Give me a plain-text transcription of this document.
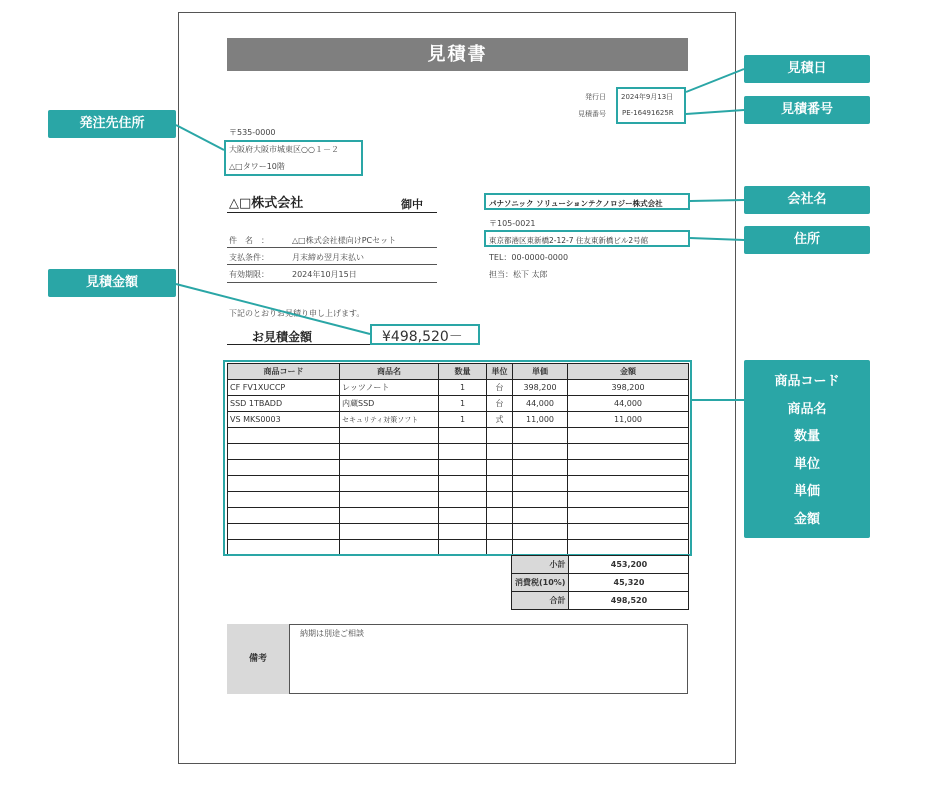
見積書
発行日 2024年9月13日
見積番号 PE-16491625R
〒535-0000
大阪府大阪市城東区○○１－２
△□タワー10階
△□株式会社	御中
件　名　：	△□株式会社様向けPCセット
支払条件：	月末締め翌月末払い
有効期限：	2024年10月15日
パナソニック ソリューションテクノロジー株式会社
〒105-0021
東京都港区東新橋2-12-7 住友東新橋ビル2号館
TEL：00-0000-0000
担当：松下 太郎
下記のとおりお見積り申し上げます。
お見積金額	¥498,520－
商品コード	商品名	数量	単位	単価	金額
CF FV1XUCCP	レッツノート	1	台	398,200	398,200
SSD 1TBADD	内蔵SSD	1	台	44,000	44,000
VS MKS0003	セキュリティ対策ソフト	1	式	11,000	11,000

小計	453,200
消費税(10%)	45,320
合計	498,520
備考
納期は別途ご相談
発注先住所
見積金額
見積日
見積番号
会社名
住所
商品コード
商品名
数量
単位
単価
金額
